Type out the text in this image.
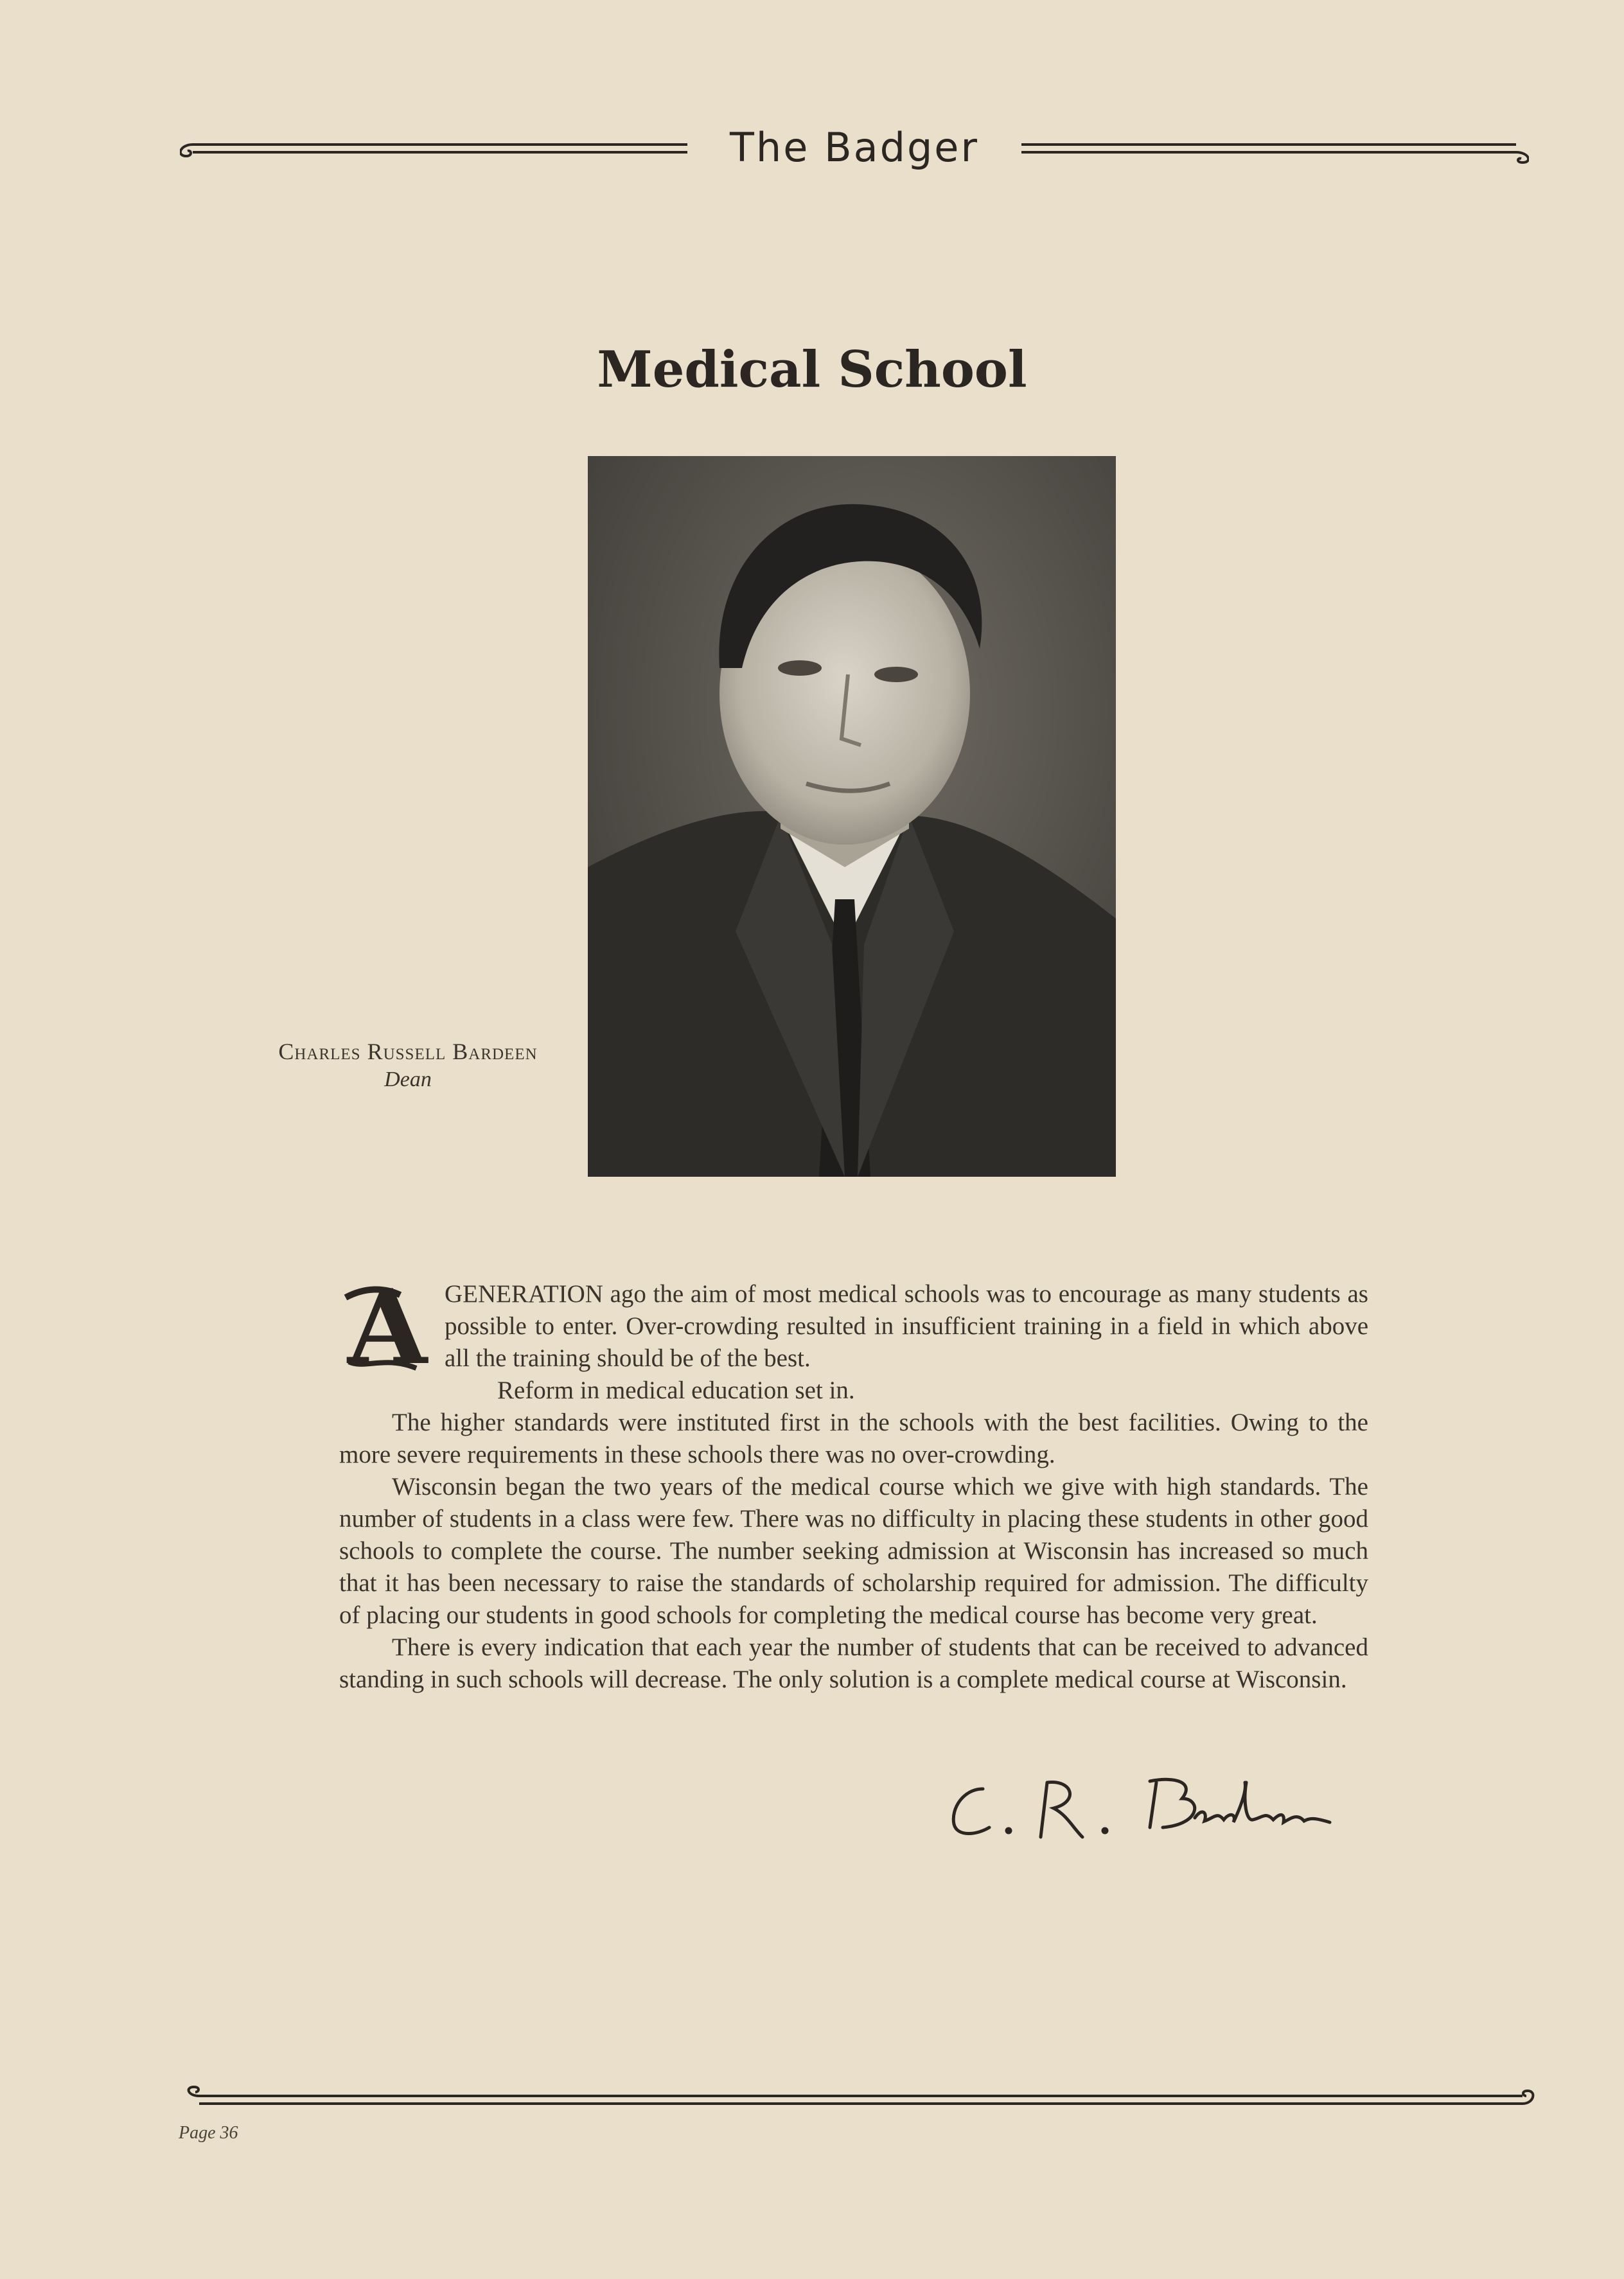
The Badger
Medical School
Charles Russell Bardeen
Dean
A GENERATION ago the aim of most medical schools was to encourage as many students as possible to enter. Over-crowding resulted in insufficient training in a field in which above all the training should be of the best.

Reform in medical education set in.

The higher standards were instituted first in the schools with the best facilities. Owing to the more severe requirements in these schools there was no over-crowding.

Wisconsin began the two years of the medical course which we give with high standards. The number of students in a class were few. There was no difficulty in placing these students in other good schools to complete the course. The number seeking admission at Wisconsin has increased so much that it has been necessary to raise the standards of scholarship required for admission. The difficulty of placing our students in good schools for completing the medical course has become very great.

There is every indication that each year the number of students that can be received to advanced standing in such schools will decrease. The only solution is a complete medical course at Wisconsin.

Page 36
